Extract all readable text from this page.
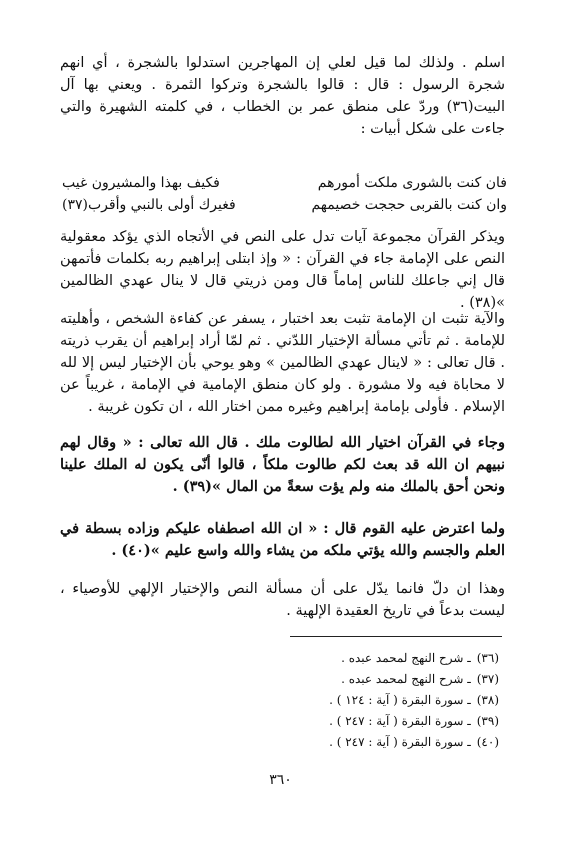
اسلم . ولذلك لما قيل لعلي إن المهاجرين استدلوا بالشجرة ، أي انهم شجرة الرسول : قال : قالوا بالشجرة وتركوا الثمرة . ويعني بها آل البيت(٣٦) وردّ على منطق عمر بن الخطاب ، في كلمته الشهيرة والتي جاءت على شكل أبيات :

فان كنت بالشورى ملكت أمورهم
فكيف بهذا والمشيرون غيب
وان كنت بالقربى حججت خصيمهم
فغيرك أولى بالنبي وأقرب(٣٧)

ويذكر القرآن مجموعة آيات تدل على النص في الأتجاه الذي يؤكد معقولية النص على الإمامة جاء في القرآن : « وإذ ابتلى إبراهيم ربه بكلمات فأتمهن قال إني جاعلك للناس إماماً قال ومن ذريتي قال لا ينال عهدي الظالمين »(٣٨) .

والآية تثبت ان الإمامة تثبت بعد اختبار ، يسفر عن كفاءة الشخص ، وأهليته للإمامة . ثم تأتي مسألة الإختيار اللدّني . ثم لمّا أراد إبراهيم أن يقرب ذريته . قال تعالى : « لاينال عهدي الظالمين » وهو يوحي بأن الإختيار ليس إلا لله لا محاباة فيه ولا مشورة . ولو كان منطق الإمامية في الإمامة ، غريباً عن الإسلام . فأولى بإمامة إبراهيم وغيره ممن اختار الله ، ان تكون غريبة .

وجاء في القرآن اختيار الله لطالوت ملك . قال الله تعالى : « وقال لهم نبيهم ان الله قد بعث لكم طالوت ملكاً ، قالوا أنّى يكون له الملك علينا ونحن أحق بالملك منه ولم يؤت سعةً من المال »(٣٩) .

ولما اعترض عليه القوم قال : « ان الله اصطفاه عليكم وزاده بسطة في العلم والجسم والله يؤتي ملكه من يشاء والله واسع عليم »(٤٠) .

وهذا ان دلّ فانما يدّل على أن مسألة النص والإختيار الإلهي للأوصياء ، ليست بدعاً في تاريخ العقيدة الإلهية .

(٣٦)ـ شرح النهج لمحمد عبده .
(٣٧)ـ شرح النهج لمحمد عبده .
(٣٨)ـ سورة البقرة ( آية : ١٢٤ ) .
(٣٩)ـ سورة البقرة ( آية : ٢٤٧ ) .
(٤٠)ـ سورة البقرة ( آية : ٢٤٧ ) .
٣٦٠
